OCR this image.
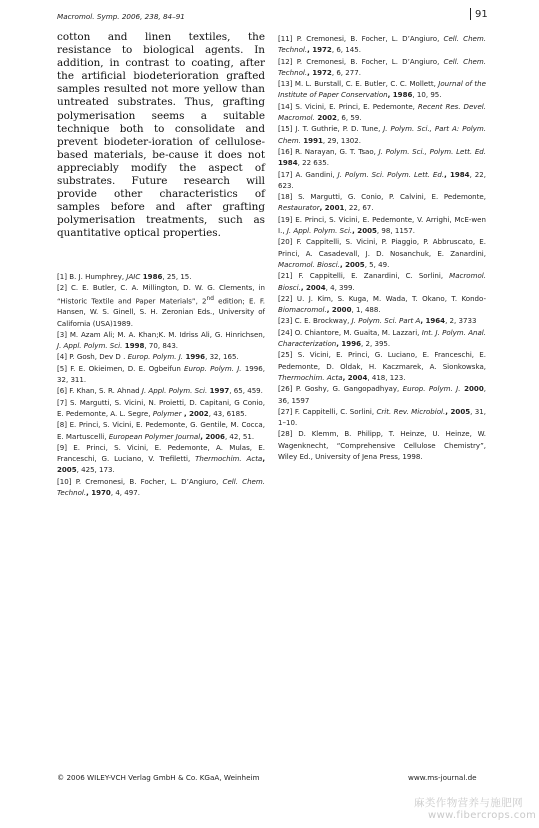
Macromol. Symp. 2006, 238, 84–91	91

cotton and linen textiles, the resistance to biological agents. In addition, in contrast to coating, after the artificial biodeterioration grafted samples resulted not more yellow than untreated substrates. Thus, grafting polymerisation seems a suitable technique both to consolidate and prevent biodeter-ioration of cellulose-based materials, be-cause it does not appreciably modify the aspect of substrates. Future research will provide other characteristics of samples before and after grafting polymerisation treatments, such as quantitative optical properties.

[1] B. J. Humphrey, JAIC 1986, 25, 15.

[2] C. E. Butler, C. A. Millington, D. W. G. Clements, in “Historic Textile and Paper Materials”, 2nd edition; E. F. Hansen, W. S. Ginell, S. H. Zeronian Eds., University of California (USA)1989.

[3] M. Azam Ali; M. A. Khan;K. M. Idriss Ali, G. Hinrichsen, J. Appl. Polym. Sci. 1998, 70, 843.

[4] P. Gosh, Dev D . Europ. Polym. J. 1996, 32, 165.

[5] F. E. Okieimen, D. E. Ogbeifun Europ. Polym. J. 1996, 32, 311.

[6] F. Khan, S. R. Ahnad J. Appl. Polym. Sci. 1997, 65, 459.

[7] S. Margutti, S. Vicini, N. Proietti, D. Capitani, G Conio, E. Pedemonte, A. L. Segre, Polymer , 2002, 43, 6185.

[8] E. Princi, S. Vicini, E. Pedemonte, G. Gentile, M. Cocca, E. Martuscelli, European Polymer Journal, 2006, 42, 51.

[9] E. Princi, S. Vicini, E. Pedemonte, A. Mulas, E. Franceschi, G. Luciano, V. Trefiletti, Thermochim. Acta, 2005, 425, 173.

[10] P. Cremonesi, B. Focher, L. D’Angiuro, Cell. Chem. Technol., 1970, 4, 497.

[11] P. Cremonesi, B. Focher, L. D’Angiuro, Cell. Chem. Technol., 1972, 6, 145.

[12] P. Cremonesi, B. Focher, L. D’Angiuro, Cell. Chem. Technol., 1972, 6, 277.

[13] M. L. Burstall, C. E. Butler, C. C. Mollett, Journal of the Institute of Paper Conservation, 1986, 10, 95.

[14] S. Vicini, E. Princi, E. Pedemonte, Recent Res. Devel. Macromol. 2002, 6, 59.

[15] J. T. Guthrie, P. D. Tune, J. Polym. Sci., Part A: Polym. Chem. 1991, 29, 1302.

[16] R. Narayan, G. T. Tsao, J. Polym. Sci., Polym. Lett. Ed. 1984, 22 635.

[17] A. Gandini, J. Polym. Sci. Polym. Lett. Ed., 1984, 22, 623.

[18] S. Margutti, G. Conio, P. Calvini, E. Pedemonte, Restaurator, 2001, 22, 67.

[19] E. Princi, S. Vicini, E. Pedemonte, V. Arrighi, McE-wen I., J. Appl. Polym. Sci., 2005, 98, 1157.

[20] F. Cappitelli, S. Vicini, P. Piaggio, P. Abbruscato, E. Princi, A. Casadevall, J. D. Nosanchuk, E. Zanardini, Macromol. Biosci., 2005, 5, 49.

[21] F. Cappitelli, E. Zanardini, C. Sorlini, Macromol. Biosci., 2004, 4, 399.

[22] U. J. Kim, S. Kuga, M. Wada, T. Okano, T. Kondo-Biomacromol., 2000, 1, 488.

[23] C. E. Brockway, J. Polym. Sci. Part A, 1964, 2, 3733

[24] O. Chiantore, M. Guaita, M. Lazzari, Int. J. Polym. Anal. Characterization, 1996, 2, 395.

[25] S. Vicini, E. Princi, G. Luciano, E. Franceschi, E. Pedemonte, D. Oldak, H. Kaczmarek, A. Sionkowska, Thermochim. Acta, 2004, 418, 123.

[26] P. Goshy, G. Gangopadhyay, Europ. Polym. J. 2000, 36, 1597

[27] F. Cappitelli, C. Sorlini, Crit. Rev. Microbiol., 2005, 31, 1–10.

[28] D. Klemm, B. Philipp, T. Heinze, U. Heinze, W. Wagenknecht, “Comprehensive Cellulose Chemistry”, Wiley Ed., University of Jena Press, 1998.

© 2006 WILEY-VCH Verlag GmbH & Co. KGaA, Weinheim	www.ms-journal.de
麻类作物营养与施肥网
www.fibercrops.com
